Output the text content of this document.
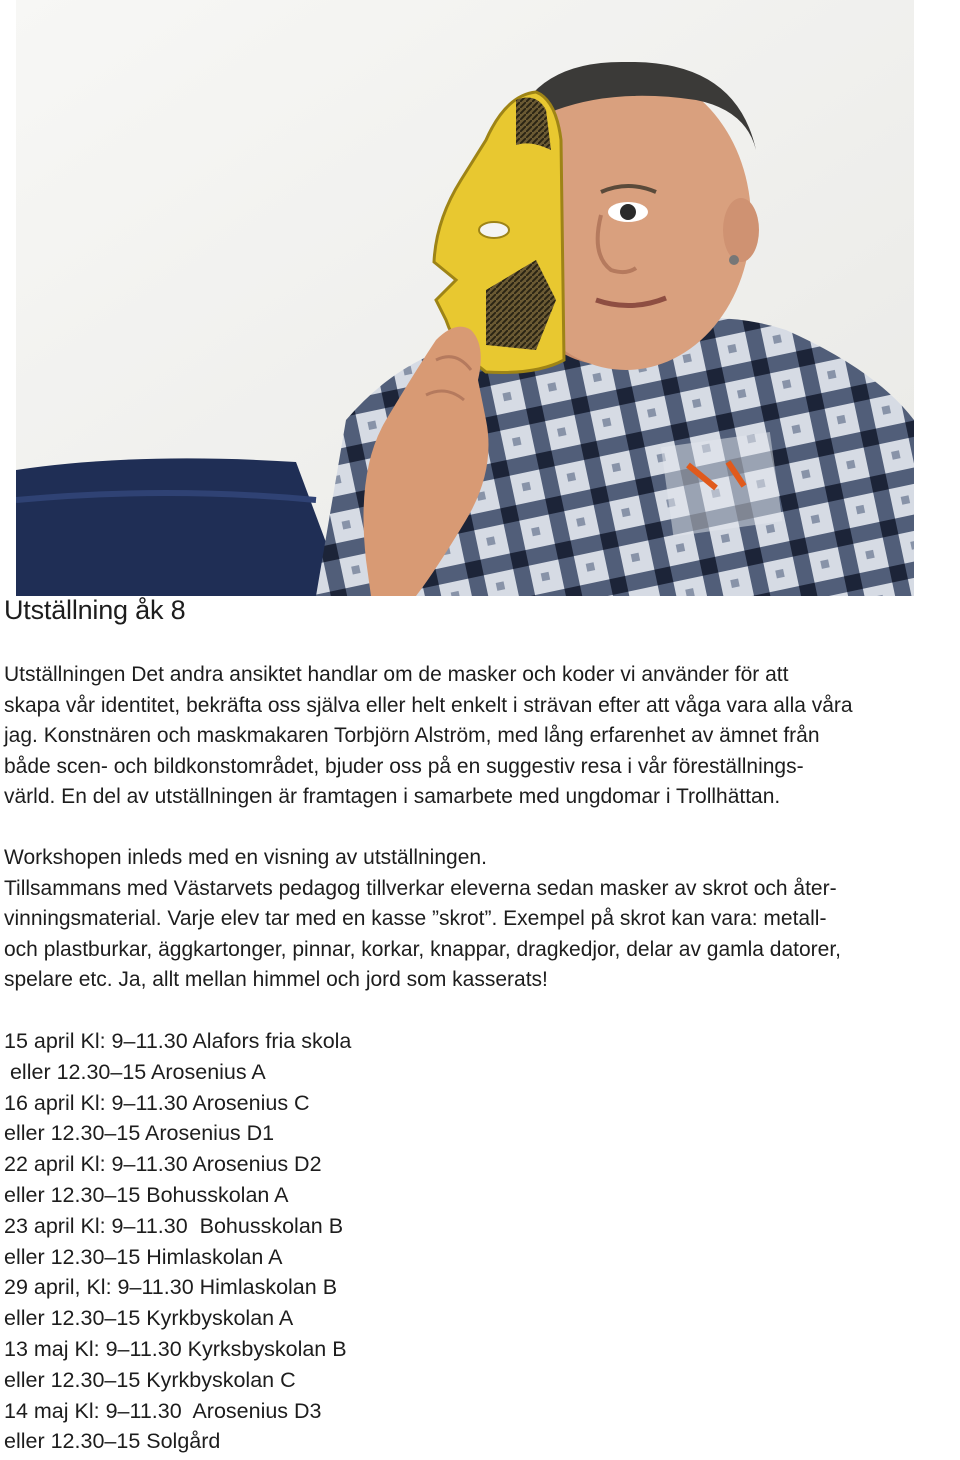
Utställning åk 8

Utställningen Det andra ansiktet handlar om de masker och koder vi använder för att

skapa vår identitet, bekräfta oss själva eller helt enkelt i strävan efter att våga vara alla våra

jag. Konstnären och maskmakaren Torbjörn Alström, med lång erfarenhet av ämnet från

både scen- och bildkonstområdet, bjuder oss på en suggestiv resa i vår föreställnings-

värld. En del av utställningen är framtagen i samarbete med ungdomar i Trollhättan.

Workshopen inleds med en visning av utställningen.

Tillsammans med Västarvets pedagog tillverkar eleverna sedan masker av skrot och åter-

vinningsmaterial. Varje elev tar med en kasse ”skrot”. Exempel på skrot kan vara: metall-

och plastburkar, äggkartonger, pinnar, korkar, knappar, dragkedjor, delar av gamla datorer,

spelare etc. Ja, allt mellan himmel och jord som kasserats!

15 april Kl: 9–11.30 Alafors fria skola
eller 12.30–15 Arosenius A
16 april Kl: 9–11.30 Arosenius C
eller 12.30–15 Arosenius D1
22 april Kl: 9–11.30 Arosenius D2
eller 12.30–15 Bohusskolan A
23 april Kl: 9–11.30  Bohusskolan B
eller 12.30–15 Himlaskolan A
29 april, Kl: 9–11.30 Himlaskolan B
eller 12.30–15 Kyrkbyskolan A
13 maj Kl: 9–11.30 Kyrksbyskolan B
eller 12.30–15 Kyrkbyskolan C
14 maj Kl: 9–11.30  Arosenius D3
eller 12.30–15 Solgård
